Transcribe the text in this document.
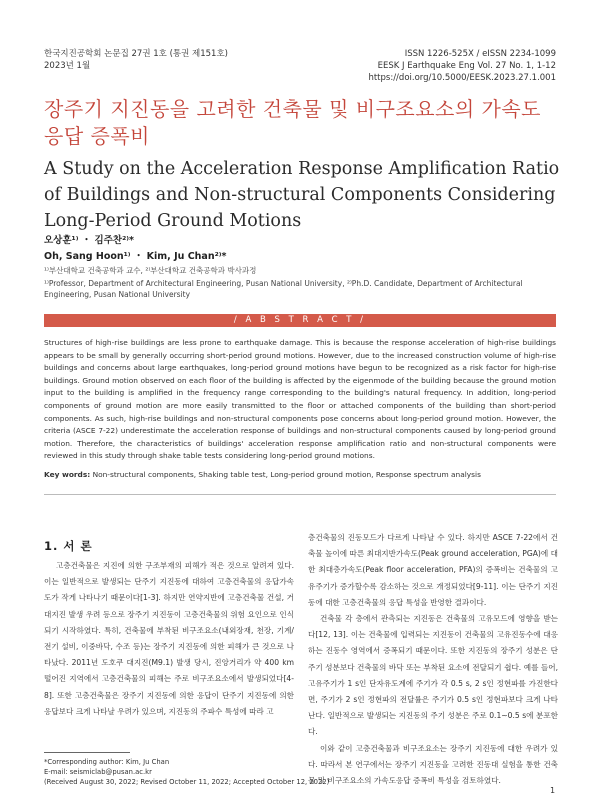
한국지진공학회 논문집 27권 1호 (통권 제151호)
2023년 1월
ISSN 1226-525X / eISSN 2234-1099
EESK J Earthquake Eng Vol. 27 No. 1, 1-12
https://doi.org/10.5000/EESK.2023.27.1.001
장주기 지진동을 고려한 건축물 및 비구조요소의 가속도 응답 증폭비
A Study on the Acceleration Response Amplification Ratio of Buildings and Non-structural Components Considering Long-Period Ground Motions
오상훈¹⁾ ・ 김주찬²⁾*
Oh, Sang Hoon¹⁾ ・ Kim, Ju Chan²⁾*
¹⁾부산대학교 건축공학과 교수, ²⁾부산대학교 건축공학과 박사과정
¹⁾Professor, Department of Architectural Engineering, Pusan National University, ²⁾Ph.D. Candidate, Department of Architectural Engineering, Pusan National University
/ A B S T R A C T /
Structures of high-rise buildings are less prone to earthquake damage. This is because the response acceleration of high-rise buildings appears to be small by generally occurring short-period ground motions. However, due to the increased construction volume of high-rise buildings and concerns about large earthquakes, long-period ground motions have begun to be recognized as a risk factor for high-rise buildings. Ground motion observed on each floor of the building is affected by the eigenmode of the building because the ground motion input to the building is amplified in the frequency range corresponding to the building's natural frequency. In addition, long-period components of ground motion are more easily transmitted to the floor or attached components of the building than short-period components. As such, high-rise buildings and non-structural components pose concerns about long-period ground motion. However, the criteria (ASCE 7-22) underestimate the acceleration response of buildings and non-structural components caused by long-period ground motion. Therefore, the characteristics of buildings' acceleration response amplification ratio and non-structural components were reviewed in this study through shake table tests considering long-period ground motions.
Key words: Non-structural components, Shaking table test, Long-period ground motion, Response spectrum analysis
1. 서 론

고층건축물은 지진에 의한 구조부재의 피해가 적은 것으로 알려져 있다. 이는 일반적으로 발생되는 단주기 지진동에 대하여 고층건축물의 응답가속도가 작게 나타나기 때문이다[1-3]. 하지만 연약지반에 고층건축물 건설, 거대지진 발생 우려 등으로 장주기 지진동이 고층건축물의 위험 요인으로 인식되기 시작하였다. 특히, 건축물에 부착된 비구조요소(내외장재, 천장, 기계/전기 설비, 이중바닥, 수조 등)는 장주기 지진동에 의한 피해가 큰 것으로 나타났다. 2011년 도호쿠 대지진(M9.1) 발생 당시, 진앙거리가 약 400 km 떨어진 지역에서 고층건축물의 피해는 주로 비구조요소에서 발생되었다[4-8]. 또한 고층건축물은 장주기 지진동에 의한 응답이 단주기 지진동에 의한 응답보다 크게 나타날 우려가 있으며, 지진동의 주파수 특성에 따라 고

층건축물의 진동모드가 다르게 나타날 수 있다. 하지만 ASCE 7-22에서 건축물 높이에 따른 최대지반가속도(Peak ground acceleration, PGA)에 대한 최대층가속도(Peak floor acceleration, PFA)의 증폭비는 건축물의 고유주기가 증가할수록 감소하는 것으로 개정되었다[9-11]. 이는 단주기 지진동에 대한 고층건축물의 응답 특성을 반영한 결과이다.

건축물 각 층에서 관측되는 지진동은 건축물의 고유모드에 영향을 받는다[12, 13]. 이는 건축물에 입력되는 지진동이 건축물의 고유진동수에 대응하는 진동수 영역에서 증폭되기 때문이다. 또한 지진동의 장주기 성분은 단주기 성분보다 건축물의 바닥 또는 부착된 요소에 전달되기 쉽다. 예를 들어, 고유주기가 1 s인 단자유도계에 주기가 각 0.5 s, 2 s인 정현파를 가진한다면, 주기가 2 s인 정현파의 전달률은 주기가 0.5 s인 정현파보다 크게 나타난다. 일반적으로 발생되는 지진동의 주기 성분은 주로 0.1~0.5 s에 분포한다.

이와 같이 고층건축물과 비구조요소는 장주기 지진동에 대한 우려가 있다. 따라서 본 연구에서는 장주기 지진동을 고려한 진동대 실험을 통한 건축물 및 비구조요소의 가속도응답 증폭비 특성을 검토하였다.

*Corresponding author: Kim, Ju Chan
E-mail: seismiclab@pusan.ac.kr
(Received August 30, 2022; Revised October 11, 2022; Accepted October 12, 2022)
1
